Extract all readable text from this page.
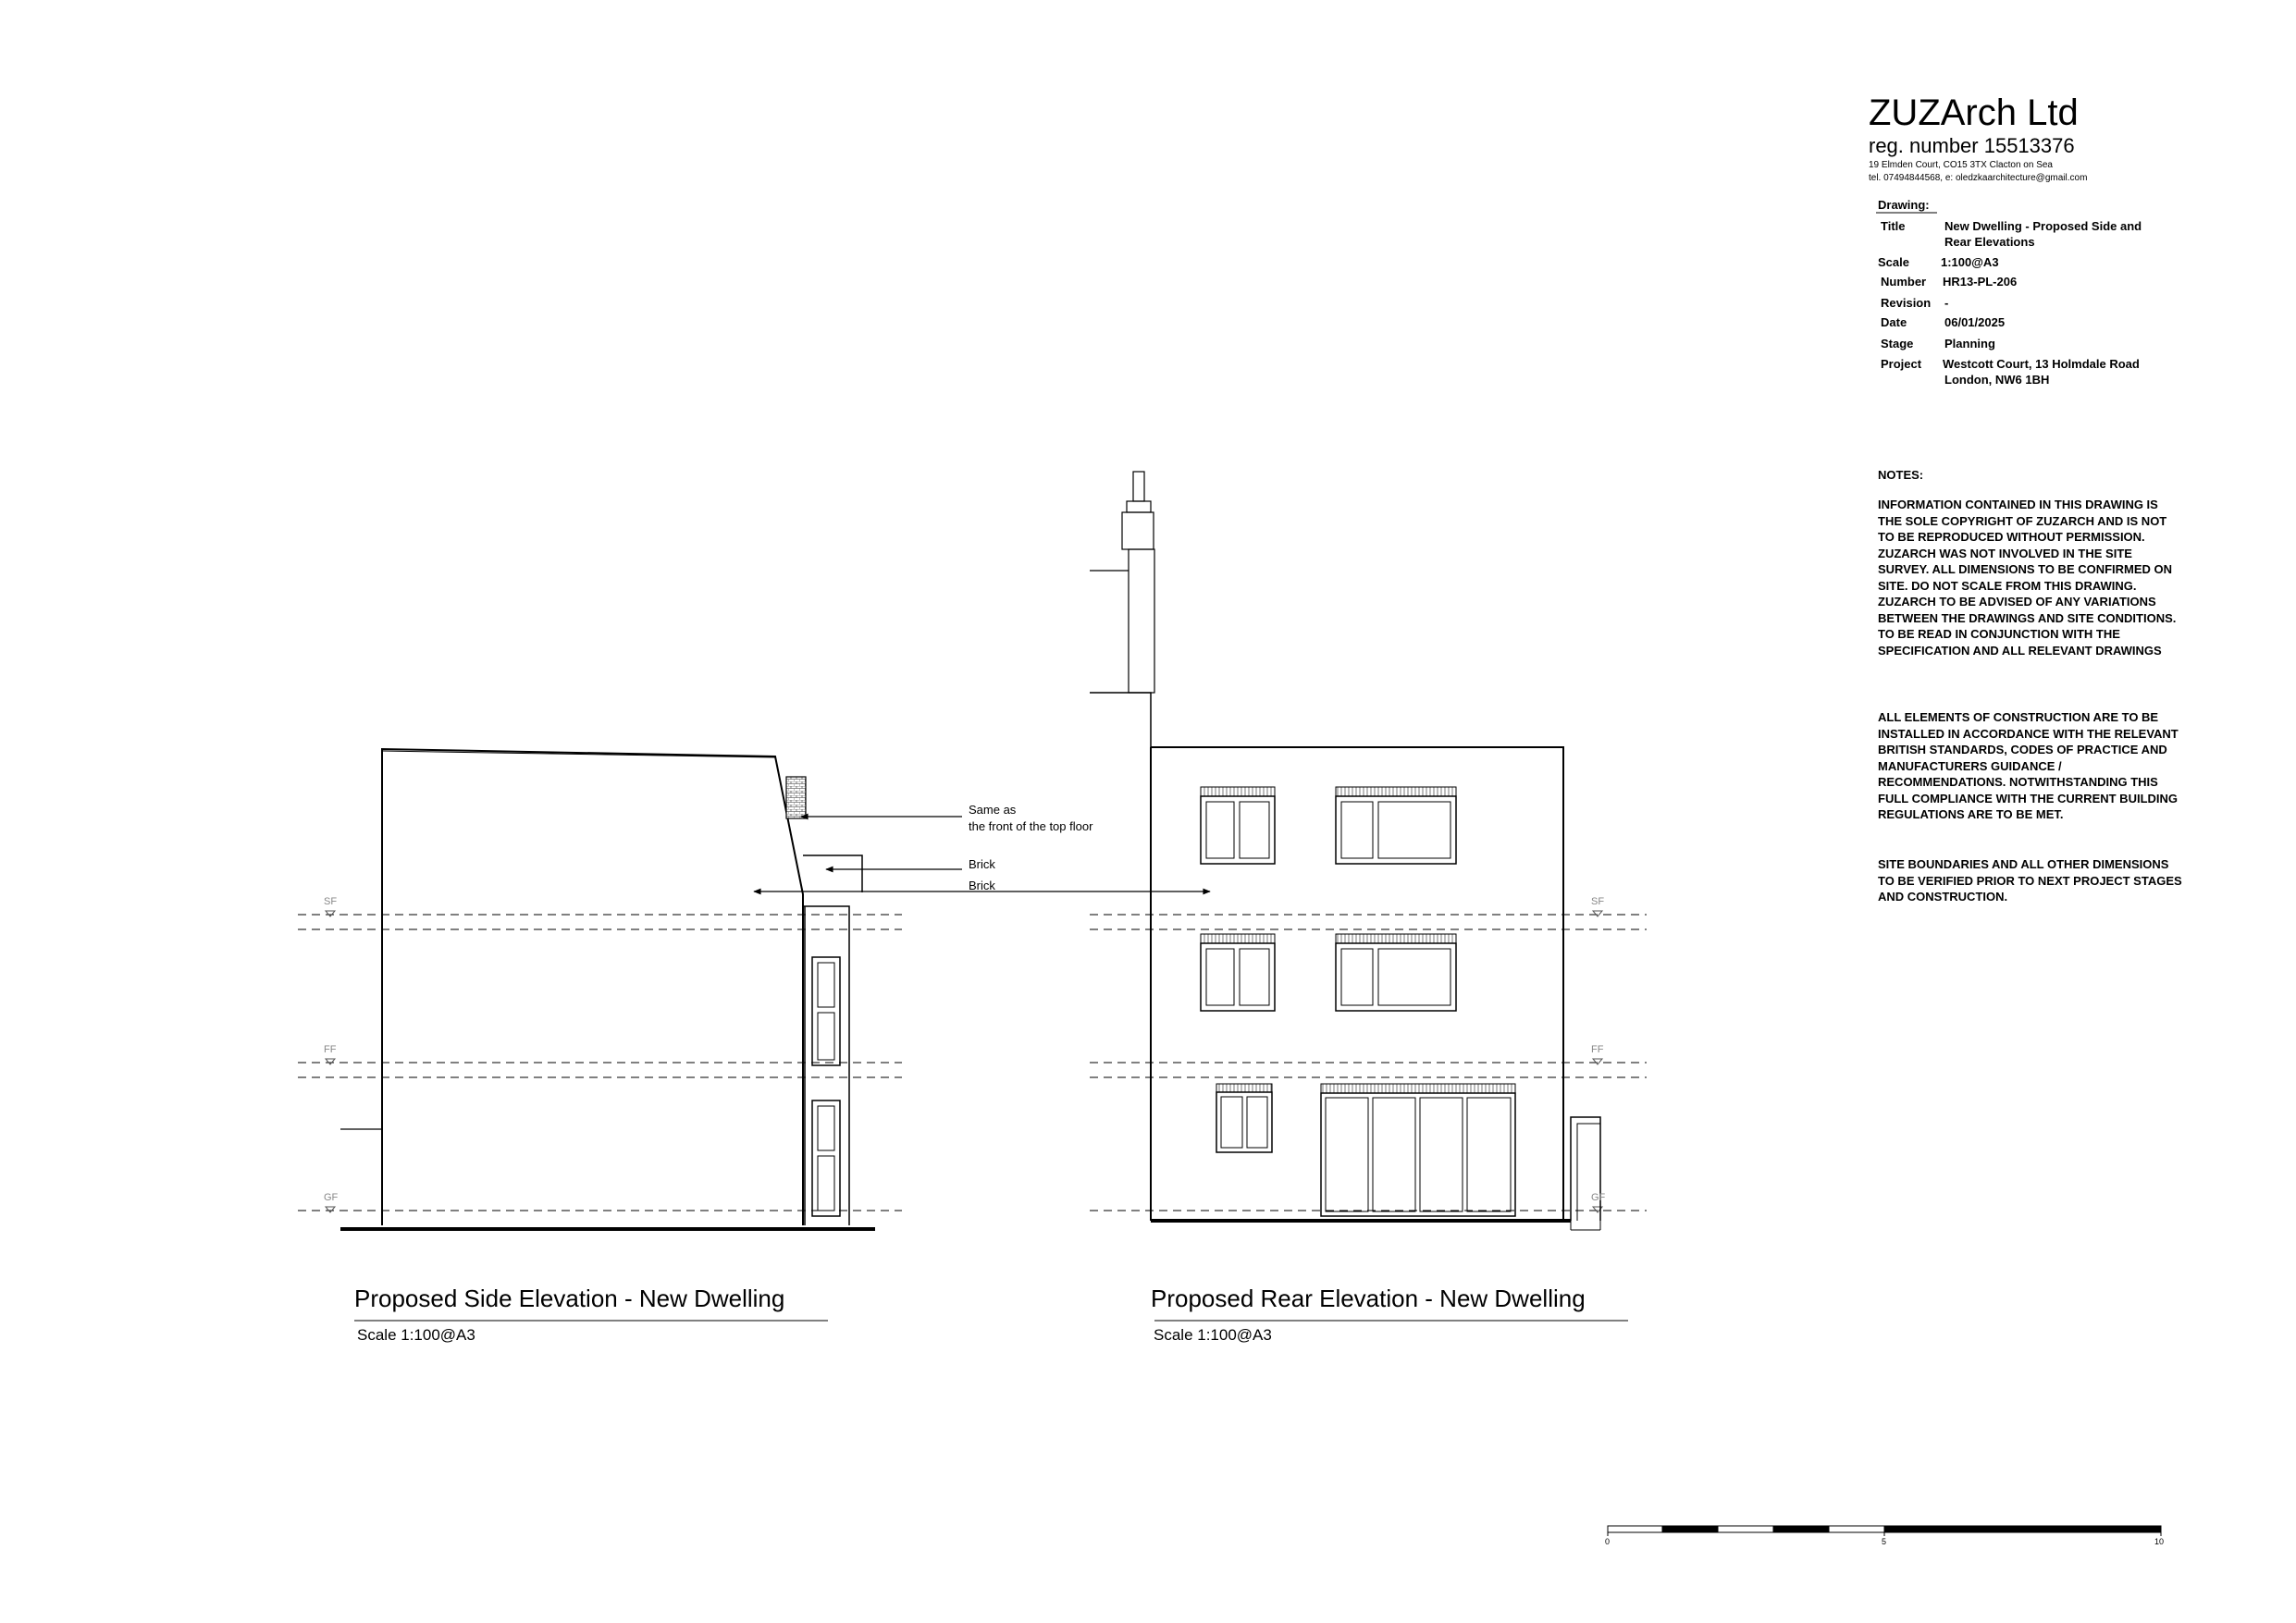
ZUZArch Ltd
reg. number 15513376
19 Elmden Court, CO15 3TX Clacton on Sea
tel. 07494844568, e: oledzkaarchitecture@gmail.com
Drawing:
Title	New Dwelling - Proposed Side and
Rear Elevations
Scale	1:100@A3
Number HR13-PL-206
Revision -
Date	06/01/2025
Stage	Planning
Project Westcott Court, 13 Holmdale Road
London, NW6 1BH
NOTES:
INFORMATION CONTAINED IN THIS DRAWING IS THE SOLE COPYRIGHT OF ZUZARCH AND IS NOT TO BE REPRODUCED WITHOUT PERMISSION. ZUZARCH WAS NOT INVOLVED IN THE SITE SURVEY. ALL DIMENSIONS TO BE CONFIRMED ON SITE. DO NOT SCALE FROM THIS DRAWING. ZUZARCH TO BE ADVISED OF ANY VARIATIONS BETWEEN THE DRAWINGS AND SITE CONDITIONS. TO BE READ IN CONJUNCTION WITH THE SPECIFICATION AND ALL RELEVANT DRAWINGS
ALL ELEMENTS OF CONSTRUCTION ARE TO BE INSTALLED IN ACCORDANCE WITH THE RELEVANT BRITISH STANDARDS, CODES OF PRACTICE AND MANUFACTURERS GUIDANCE / RECOMMENDATIONS. NOTWITHSTANDING THIS FULL COMPLIANCE WITH THE CURRENT BUILDING REGULATIONS ARE TO BE MET.
SITE BOUNDARIES AND ALL OTHER DIMENSIONS TO BE VERIFIED PRIOR TO NEXT PROJECT STAGES AND CONSTRUCTION.
Same as
the front of the top floor
Brick
Brick
SF
FF
GF
SF
FF
GF
Proposed Side Elevation - New Dwelling
Scale 1:100@A3
Proposed Rear Elevation - New Dwelling
Scale 1:100@A3
0	5	10
